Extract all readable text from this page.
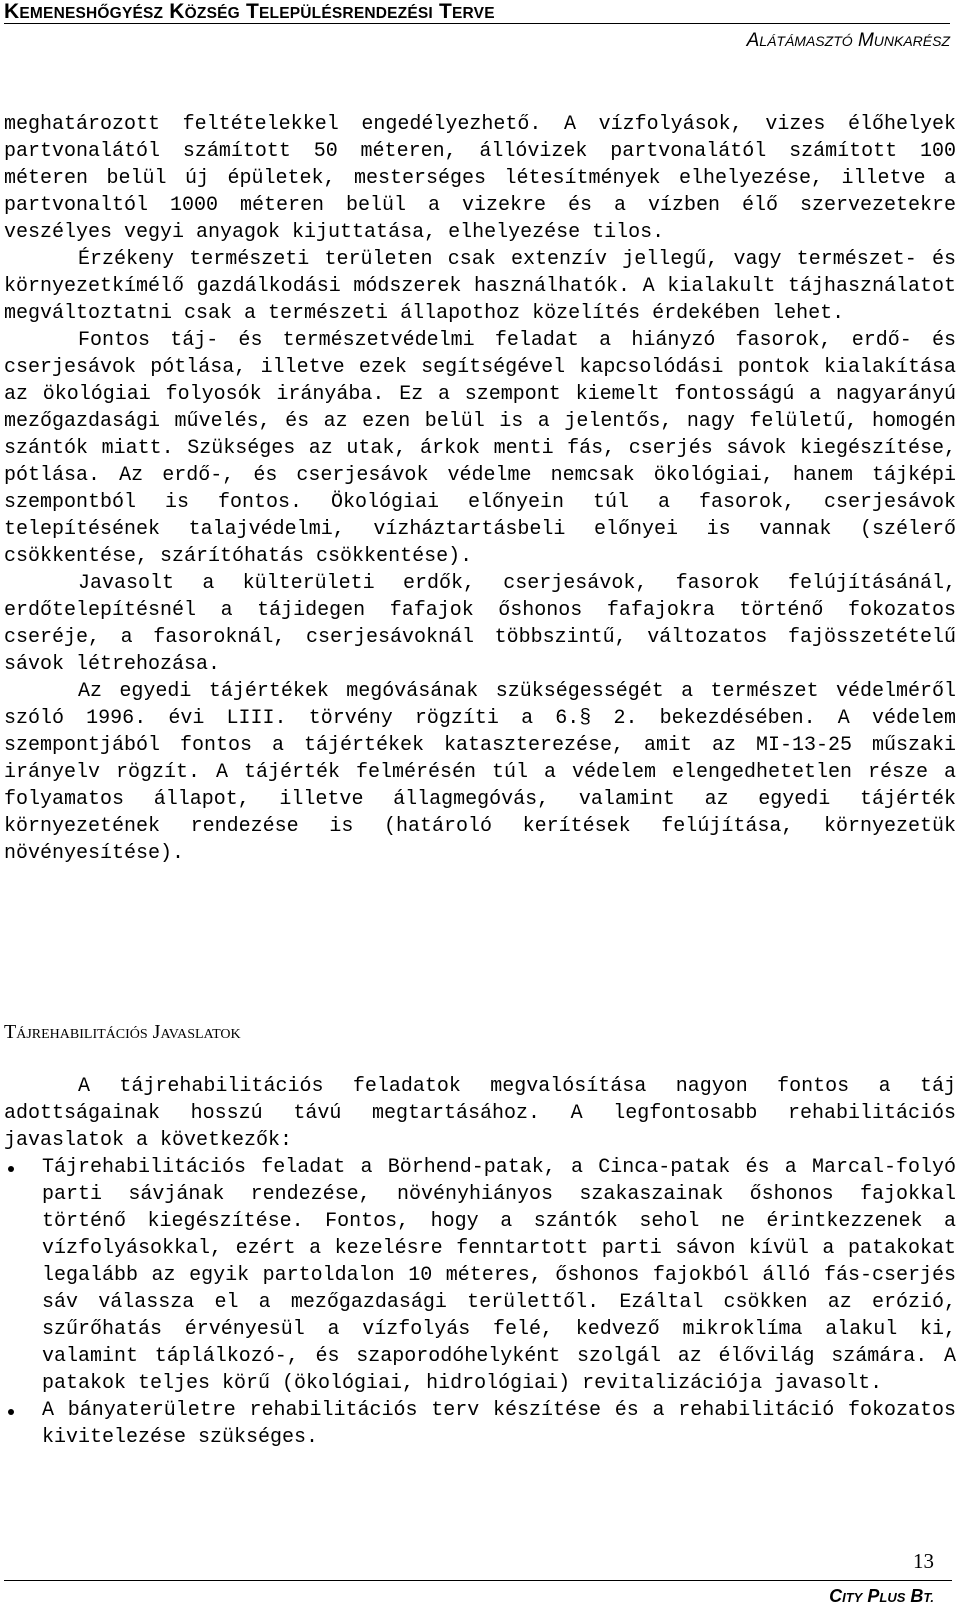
KEMENESHŐGYÉSZ KÖZSÉG TELEPÜLÉSRENDEZÉSI TERVE
ALÁTÁMASZTÓ MUNKARÉSZ

meghatározott feltételekkel engedélyezhető. A vízfolyások, vizes élőhelyek partvonalától számított 50 méteren, állóvizek partvonalától számított 100 méteren belül új épületek, mesterséges létesítmények elhelyezése, illetve a partvonaltól 1000 méteren belül a vizekre és a vízben élő szervezetekre veszélyes vegyi anyagok kijuttatása, elhelyezése tilos.

Érzékeny természeti területen csak extenzív jellegű, vagy természet- és környezetkímélő gazdálkodási módszerek használhatók. A kialakult tájhasználatot megváltoztatni csak a természeti állapothoz közelítés érdekében lehet.

Fontos táj- és természetvédelmi feladat a hiányzó fasorok, erdő- és cserjesávok pótlása, illetve ezek segítségével kapcsolódási pontok kialakítása az ökológiai folyosók irányába. Ez a szempont kiemelt fontosságú a nagyarányú mezőgazdasági művelés, és az ezen belül is a jelentős, nagy felületű, homogén szántók miatt. Szükséges az utak, árkok menti fás, cserjés sávok kiegészítése, pótlása. Az erdő-, és cserjesávok védelme nemcsak ökológiai, hanem tájképi szempontból is fontos. Ökológiai előnyein túl a fasorok, cserjesávok telepítésének talajvédelmi, vízháztartásbeli előnyei is vannak (szélerő csökkentése, szárítóhatás csökkentése).

Javasolt a külterületi erdők, cserjesávok, fasorok felújításánál, erdőtelepítésnél a tájidegen fafajok őshonos fafajokra történő fokozatos cseréje, a fasoroknál, cserjesávoknál többszintű, változatos fajösszetételű sávok létrehozása.

Az egyedi tájértékek megóvásának szükségességét a természet védelméről szóló 1996. évi LIII. törvény rögzíti a 6.§ 2. bekezdésében. A védelem szempontjából fontos a tájértékek kataszterezése, amit az MI-13-25 műszaki irányelv rögzít. A tájérték felmérésén túl a védelem elengedhetetlen része a folyamatos állapot, illetve állagmegóvás, valamint az egyedi tájérték környezetének rendezése is (határoló kerítések felújítása, környezetük növényesítése).

TÁJREHABILITÁCIÓS JAVASLATOK

A tájrehabilitációs feladatok megvalósítása nagyon fontos a táj adottságainak hosszú távú megtartásához. A legfontosabb rehabilitációs javaslatok a következők:

Tájrehabilitációs feladat a Börhend-patak, a Cinca-patak és a Marcal-folyó parti sávjának rendezése, növényhiányos szakaszainak őshonos fajokkal történő kiegészítése. Fontos, hogy a szántók sehol ne érintkezzenek a vízfolyásokkal, ezért a kezelésre fenntartott parti sávon kívül a patakokat legalább az egyik partoldalon 10 méteres, őshonos fajokból álló fás-cserjés sáv válassza el a mezőgazdasági területtől. Ezáltal csökken az erózió, szűrőhatás érvényesül a vízfolyás felé, kedvező mikroklíma alakul ki, valamint táplálkozó-, és szaporodóhelyként szolgál az élővilág számára. A patakok teljes körű (ökológiai, hidrológiai) revitalizációja javasolt.
A bányaterületre rehabilitációs terv készítése és a rehabilitáció fokozatos kivitelezése szükséges.
13
CITY PLUS BT.
